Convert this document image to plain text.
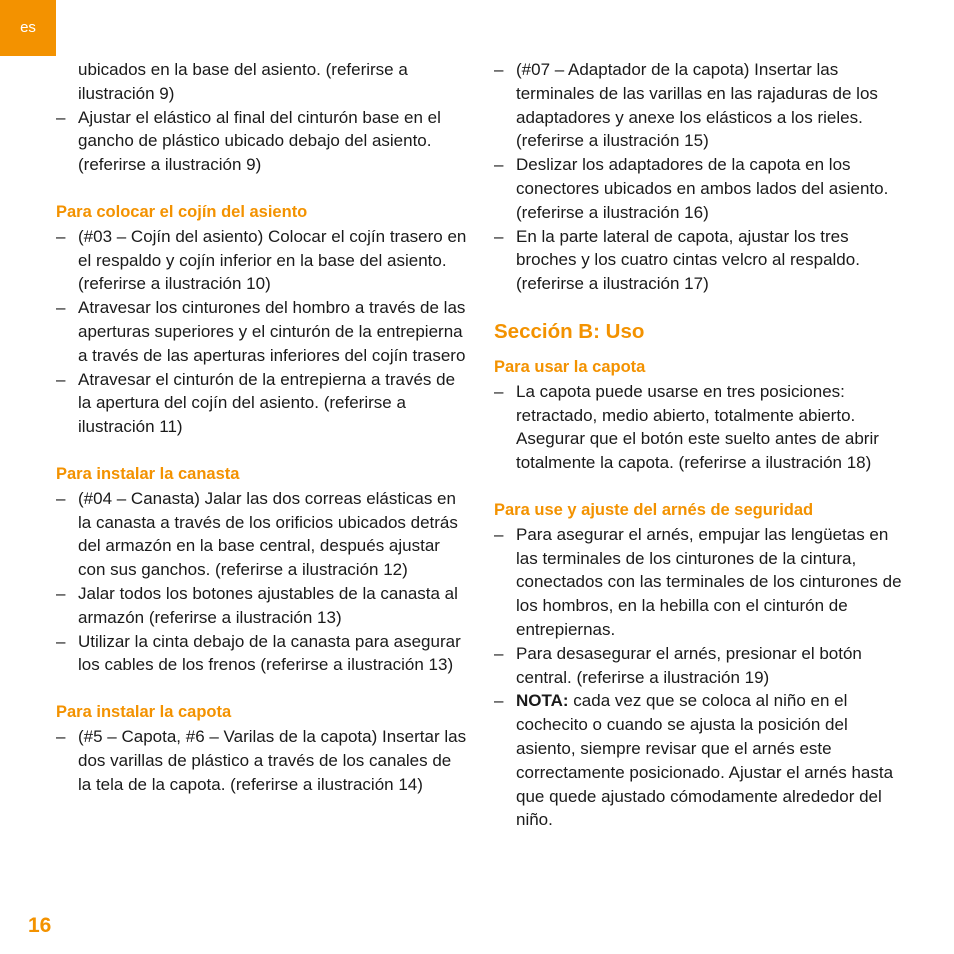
es
ubicados en la base del asiento. (referirse a ilustración 9)
– Ajustar el elástico al final del cinturón base en el gancho de plástico ubicado debajo del asiento. (referirse a ilustración 9)
Para colocar el cojín del asiento
– (#03 – Cojín del asiento) Colocar el cojín trasero en el respaldo y cojín inferior en la base del asiento. (referirse a ilustración 10)
– Atravesar los cinturones del hombro a través de las aperturas superiores y el cinturón de la entrepierna a través de las aperturas inferiores del cojín trasero
– Atravesar el cinturón de la entrepierna a través de la apertura del cojín del asiento. (referirse a ilustración 11)
Para instalar la canasta
– (#04 – Canasta) Jalar las dos correas elásticas en la canasta a través de los orificios ubicados detrás del armazón en la base central, después ajustar con sus ganchos. (referirse a ilustración 12)
– Jalar todos los botones ajustables de la canasta al armazón (referirse a ilustración 13)
– Utilizar la cinta debajo de la canasta para asegurar los cables de los frenos (referirse a ilustración 13)
Para instalar la capota
– (#5 – Capota, #6 – Varilas de la capota) Insertar las dos varillas de plástico a través de los canales de la tela de la capota. (referirse a ilustración 14)
– (#07 – Adaptador de la capota) Insertar las terminales de las varillas en las rajaduras de los adaptadores y anexe los elásticos a los rieles. (referirse a ilustración 15)
– Deslizar los adaptadores de la capota en los conectores ubicados en ambos lados del asiento. (referirse a ilustración 16)
– En la parte lateral de capota, ajustar los tres broches y los cuatro cintas velcro al respaldo. (referirse a ilustración 17)
Sección B: Uso
Para usar la capota
– La capota puede usarse en tres posiciones: retractado, medio abierto, totalmente abierto. Asegurar que el botón este suelto antes de abrir totalmente la capota. (referirse a ilustración 18)
Para use y ajuste del arnés de seguridad
– Para asegurar el arnés, empujar las lengüetas en las terminales de los cinturones de la cintura, conectados con las terminales de los cinturones de los hombros, en la hebilla con el cinturón de entrepiernas.
– Para desasegurar el arnés, presionar el botón central. (referirse a ilustración 19)
– NOTA: cada vez que se coloca al niño en el cochecito o cuando se ajusta la posición del asiento, siempre revisar que el arnés este correctamente posicionado. Ajustar el arnés hasta que quede ajustado cómodamente alrededor del niño.
16
